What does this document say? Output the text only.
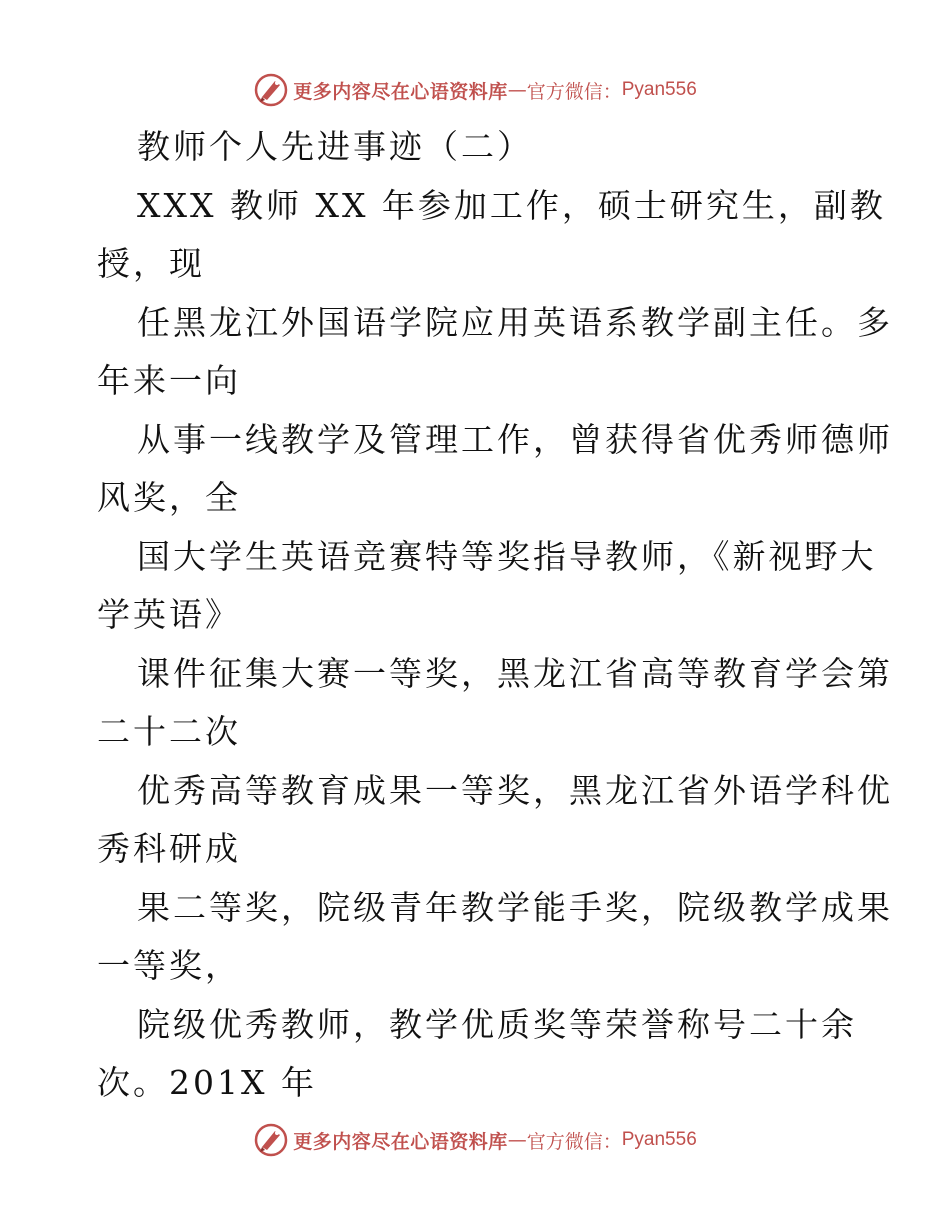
更多内容尽在心语资料库 — 官方微信： Pyan556
教师个人先进事迹（二）
XXX 教师 XX 年参加工作，硕士研究生，副教
授，现
任黑龙江外国语学院应用英语系教学副主任。多
年来一向
从事一线教学及管理工作，曾获得省优秀师德师
风奖，全
国大学生英语竞赛特等奖指导教师，《新视野大
学英语》
课件征集大赛一等奖，黑龙江省高等教育学会第
二十二次
优秀高等教育成果一等奖，黑龙江省外语学科优
秀科研成
果二等奖，院级青年教学能手奖，院级教学成果
一等奖，
院级优秀教师，教学优质奖等荣誉称号二十余
次。201X 年
更多内容尽在心语资料库 — 官方微信： Pyan556
